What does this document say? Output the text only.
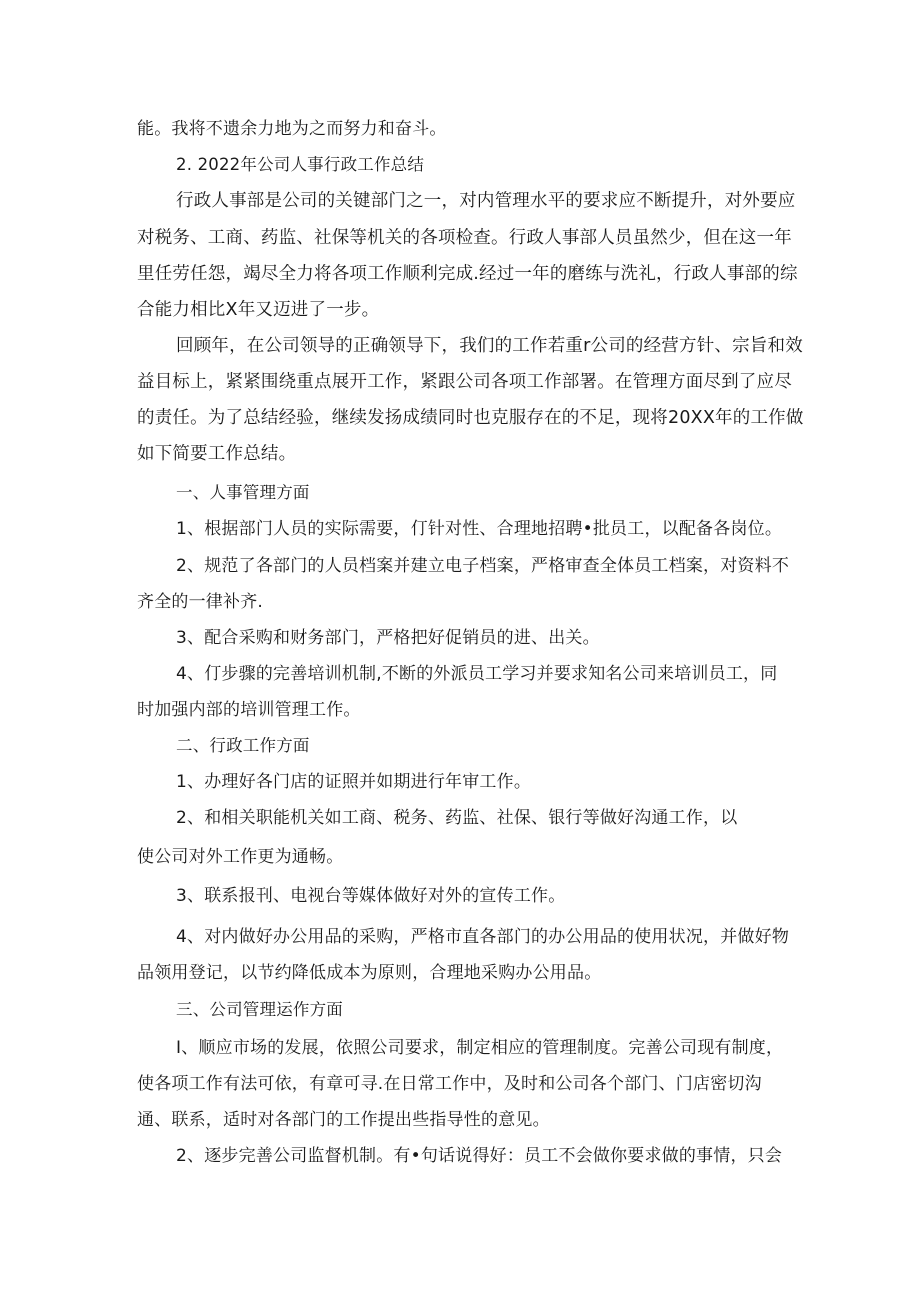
能。我将不遗余力地为之而努力和奋斗。

2. 2022年公司人事行政工作总结

行政人事部是公司的关键部门之一，对内管理水平的要求应不断提升，对外要应

对税务、工商、药监、社保等机关的各项检查。行政人事部人员虽然少，但在这一年

里任劳任怨，竭尽全力将各项工作顺利完成.经过一年的磨练与洗礼，行政人事部的综

合能力相比X年又迈进了一步。

回顾年，在公司领导的正确领导下，我们的工作若重r公司的经营方针、宗旨和效

益目标上，紧紧围绕重点展开工作，紧跟公司各项工作部署。在管理方面尽到了应尽

的责任。为了总结经验，继续发扬成绩同时也克服存在的不足，现将20XX年的工作做

如下简要工作总结。

一、人事管理方面

1、根据部门人员的实际需要，仃针对性、合理地招聘•批员工，以配备各岗位。

2、规范了各部门的人员档案并建立电子档案，严格审查全体员工档案，对资料不

齐全的一律补齐.

3、配合采购和财务部门，严格把好促销员的进、出关。

4、仃步骤的完善培训机制,不断的外派员工学习并要求知名公司来培训员工，同

时加强内部的培训管理工作。

二、行政工作方面

1、办理好各门店的证照并如期进行年审工作。

2、和相关职能机关如工商、税务、药监、社保、银行等做好沟通工作，以

使公司对外工作更为通畅。

3、联系报刊、电视台等媒体做好对外的宣传工作。

4、对内做好办公用品的采购，严格市直各部门的办公用品的使用状况，并做好物

品领用登记，以节约降低成本为原则，合理地采购办公用品。

三、公司管理运作方面

I、顺应市场的发展，依照公司要求，制定相应的管理制度。完善公司现有制度，

使各项工作有法可依，有章可寻.在日常工作中，及时和公司各个部门、门店密切沟

通、联系，适时对各部门的工作提出些指导性的意见。

2、逐步完善公司监督机制。有•句话说得好：员工不会做你要求做的事情，只会
